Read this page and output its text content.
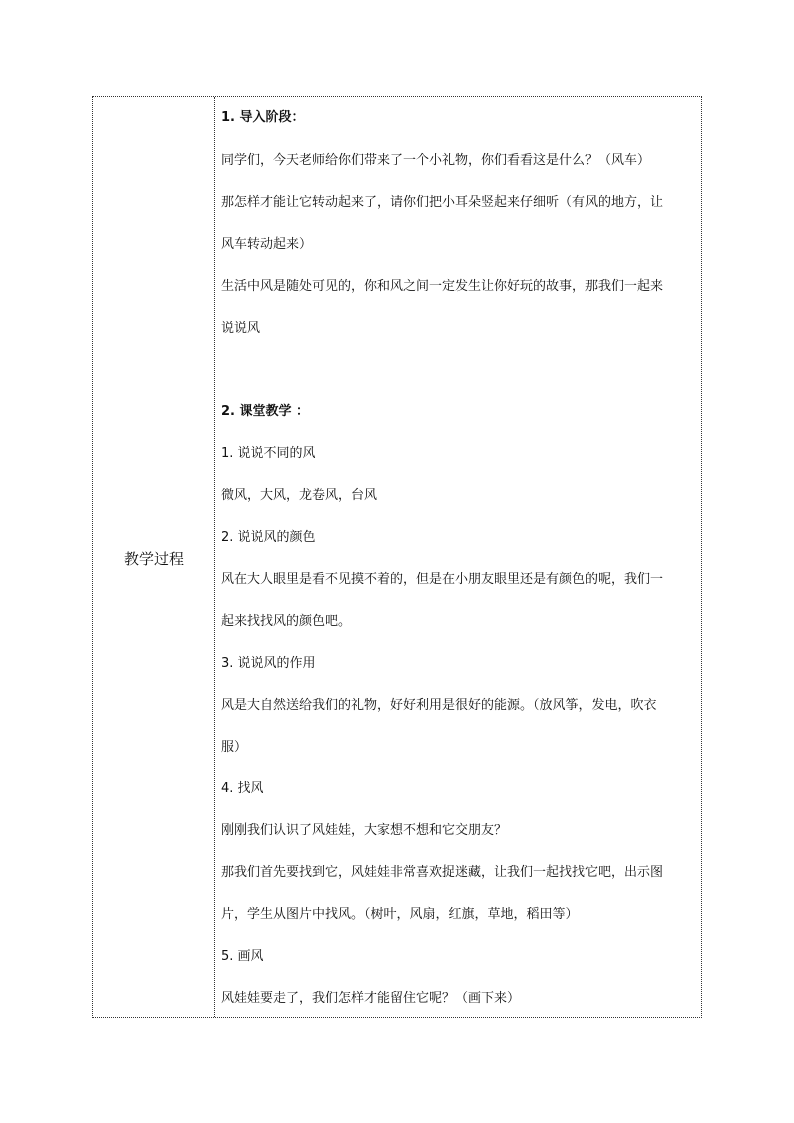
教学过程
1. 导入阶段：
同学们，今天老师给你们带来了一个小礼物，你们看看这是什么？（风车）
那怎样才能让它转动起来了，请你们把小耳朵竖起来仔细听（有风的地方，让
风车转动起来）
生活中风是随处可见的，你和风之间一定发生让你好玩的故事，那我们一起来
说说风
2. 课堂教学 ：
1. 说说不同的风
微风，大风，龙卷风，台风
2. 说说风的颜色
风在大人眼里是看不见摸不着的，但是在小朋友眼里还是有颜色的呢，我们一
起来找找风的颜色吧。
3. 说说风的作用
风是大自然送给我们的礼物，好好利用是很好的能源。（放风筝，发电，吹衣
服）
4. 找风
刚刚我们认识了风娃娃，大家想不想和它交朋友？
那我们首先要找到它，风娃娃非常喜欢捉迷藏，让我们一起找找它吧，出示图
片，学生从图片中找风。（树叶，风扇，红旗，草地，稻田等）
5. 画风
风娃娃要走了，我们怎样才能留住它呢？（画下来）
